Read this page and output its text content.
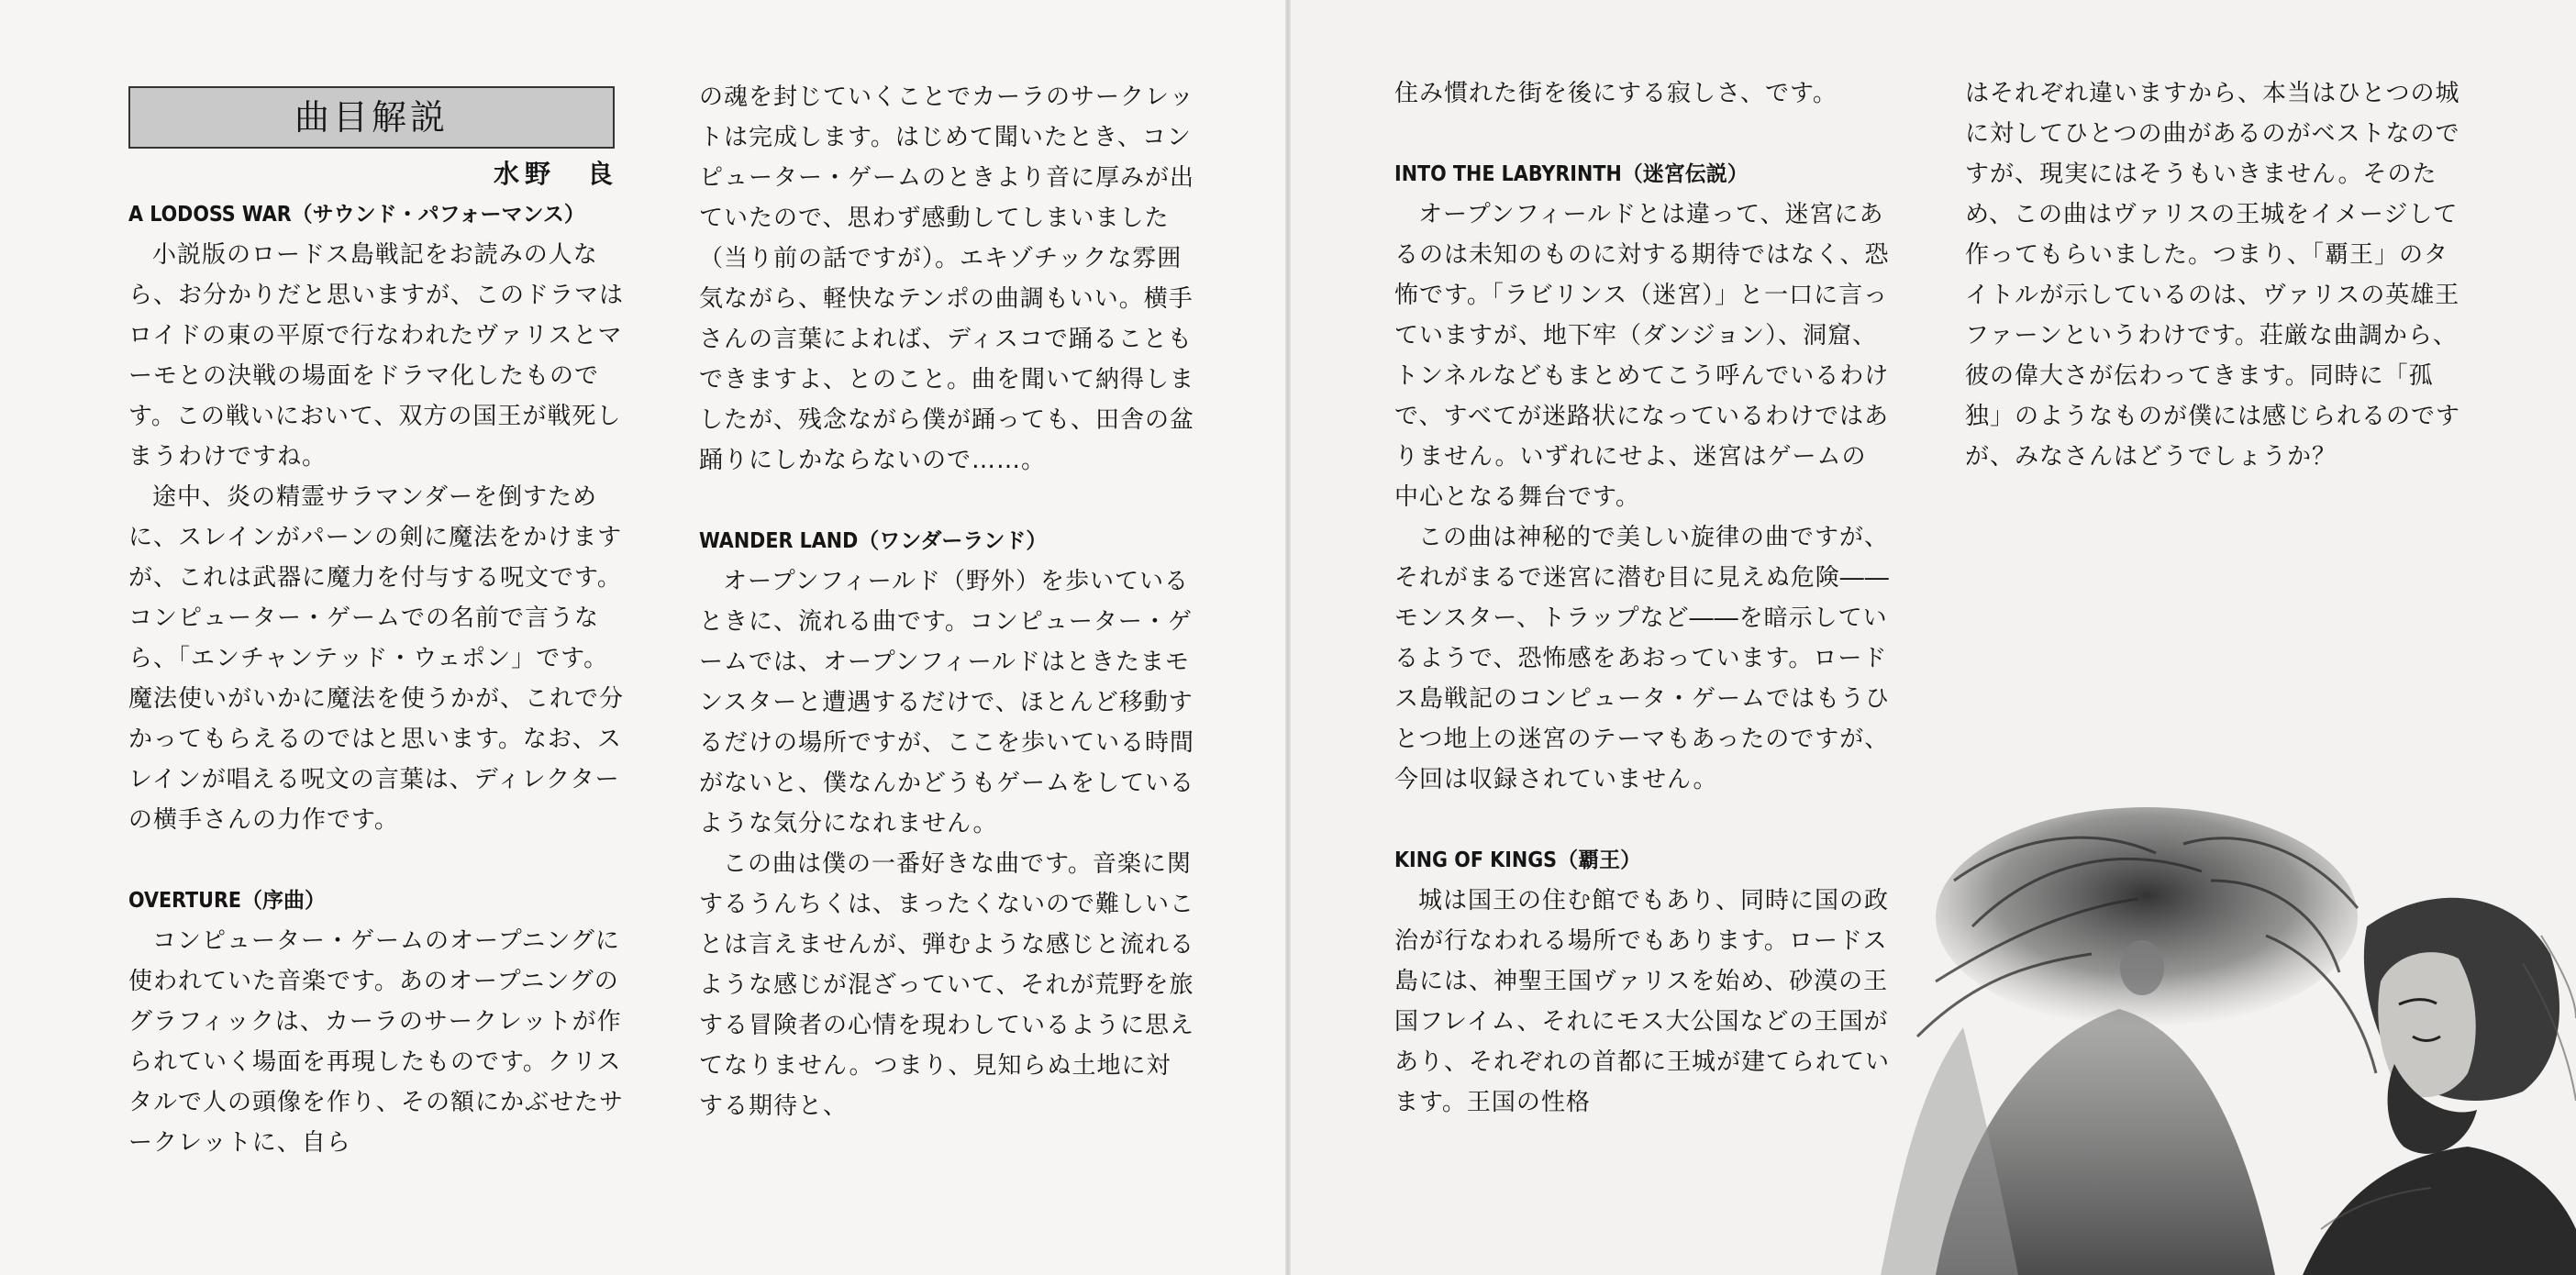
曲目解説
水野　良
A LODOSS WAR（サウンド・パフォーマンス）

小説版のロードス島戦記をお読みの人なら、お分かりだと思いますが、このドラマはロイドの東の平原で行なわれたヴァリスとマーモとの決戦の場面をドラマ化したものです。この戦いにおいて、双方の国王が戦死しまうわけですね。

途中、炎の精霊サラマンダーを倒すために、スレインがパーンの剣に魔法をかけますが、これは武器に魔力を付与する呪文です。コンピューター・ゲームでの名前で言うなら、「エンチャンテッド・ウェポン」です。魔法使いがいかに魔法を使うかが、これで分かってもらえるのではと思います。なお、スレインが唱える呪文の言葉は、ディレクターの横手さんの力作です。

OVERTURE（序曲）

コンピューター・ゲームのオープニングに使われていた音楽です。あのオープニングのグラフィックは、カーラのサークレットが作られていく場面を再現したものです。クリスタルで人の頭像を作り、その額にかぶせたサークレットに、自ら

の魂を封じていくことでカーラのサークレットは完成します。はじめて聞いたとき、コンピューター・ゲームのときより音に厚みが出ていたので、思わず感動してしまいました（当り前の話ですが）。エキゾチックな雰囲気ながら、軽快なテンポの曲調もいい。横手さんの言葉によれば、ディスコで踊ることもできますよ、とのこと。曲を聞いて納得しましたが、残念ながら僕が踊っても、田舎の盆踊りにしかならないので……。

WANDER LAND（ワンダーランド）

オープンフィールド（野外）を歩いているときに、流れる曲です。コンピューター・ゲームでは、オープンフィールドはときたまモンスターと遭遇するだけで、ほとんど移動するだけの場所ですが、ここを歩いている時間がないと、僕なんかどうもゲームをしているような気分になれません。

この曲は僕の一番好きな曲です。音楽に関するうんちくは、まったくないので難しいことは言えませんが、弾むような感じと流れるような感じが混ざっていて、それが荒野を旅する冒険者の心情を現わしているように思えてなりません。つまり、見知らぬ土地に対する期待と、

住み慣れた街を後にする寂しさ、です。

INTO THE LABYRINTH（迷宮伝説）

オープンフィールドとは違って、迷宮にあるのは未知のものに対する期待ではなく、恐怖です。「ラビリンス（迷宮）」と一口に言っていますが、地下牢（ダンジョン）、洞窟、トンネルなどもまとめてこう呼んでいるわけで、すべてが迷路状になっているわけではありません。いずれにせよ、迷宮はゲームの中心となる舞台です。

この曲は神秘的で美しい旋律の曲ですが、それがまるで迷宮に潜む目に見えぬ危険――モンスター、トラップなど――を暗示しているようで、恐怖感をあおっています。ロードス島戦記のコンピュータ・ゲームではもうひとつ地上の迷宮のテーマもあったのですが、今回は収録されていません。

KING OF KINGS（覇王）

城は国王の住む館でもあり、同時に国の政治が行なわれる場所でもあります。ロードス島には、神聖王国ヴァリスを始め、砂漠の王国フレイム、それにモス大公国などの王国があり、それぞれの首都に王城が建てられています。王国の性格

はそれぞれ違いますから、本当はひとつの城に対してひとつの曲があるのがベストなのですが、現実にはそうもいきません。そのため、この曲はヴァリスの王城をイメージして作ってもらいました。つまり、「覇王」のタイトルが示しているのは、ヴァリスの英雄王ファーンというわけです。荘厳な曲調から、彼の偉大さが伝わってきます。同時に「孤独」のようなものが僕には感じられるのですが、みなさんはどうでしょうか？
